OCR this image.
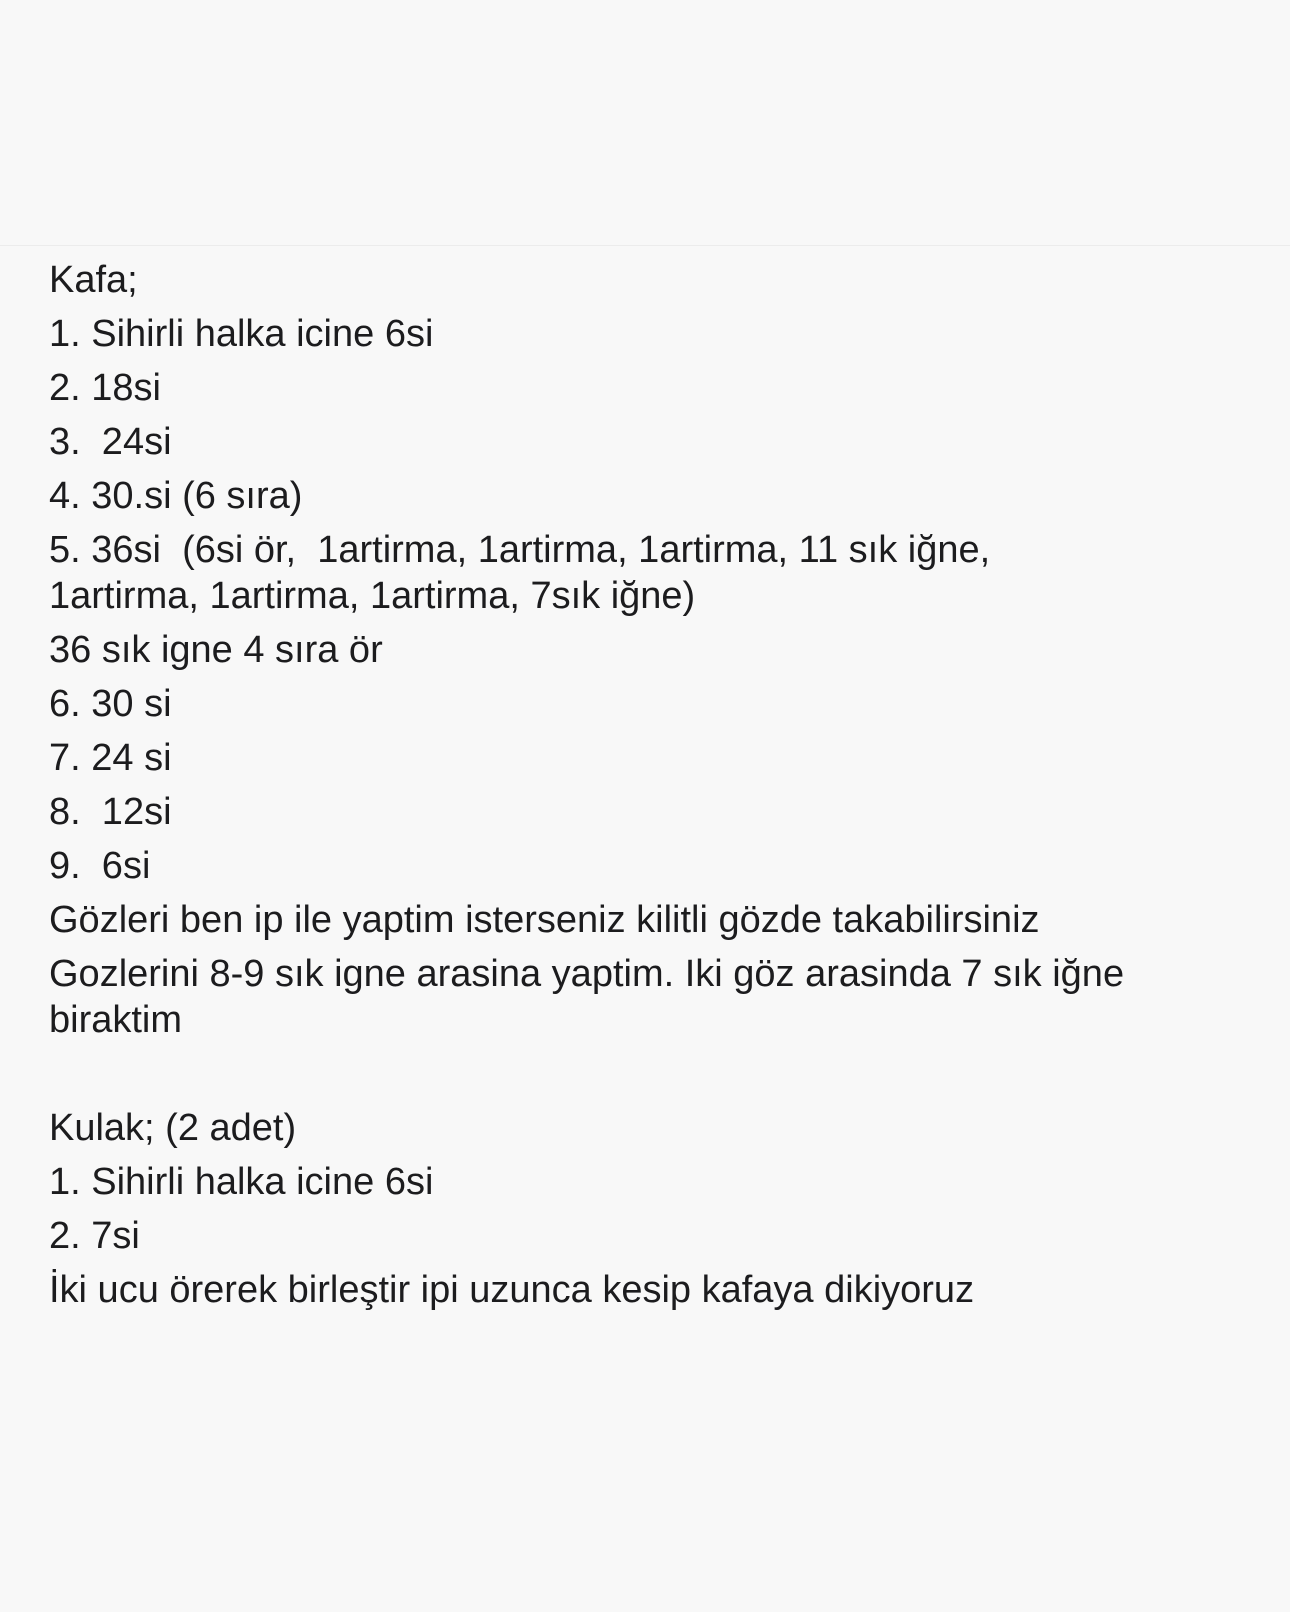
Kafa;
1. Sihirli halka icine 6si
2. 18si
3.  24si
4. 30.si (6 sıra)
5. 36si  (6si ör,  1artirma, 1artirma, 1artirma, 11 sık iğne, 1artirma, 1artirma, 1artirma, 7sık iğne)
36 sık igne 4 sıra ör
6. 30 si
7. 24 si
8.  12si
9.  6si
Gözleri ben ip ile yaptim isterseniz kilitli gözde takabilirsiniz
Gozlerini 8-9 sık igne arasina yaptim. Iki göz arasinda 7 sık iğne biraktim
Kulak; (2 adet)
1. Sihirli halka icine 6si
2. 7si
İki ucu örerek birleştir ipi uzunca kesip kafaya dikiyoruz
